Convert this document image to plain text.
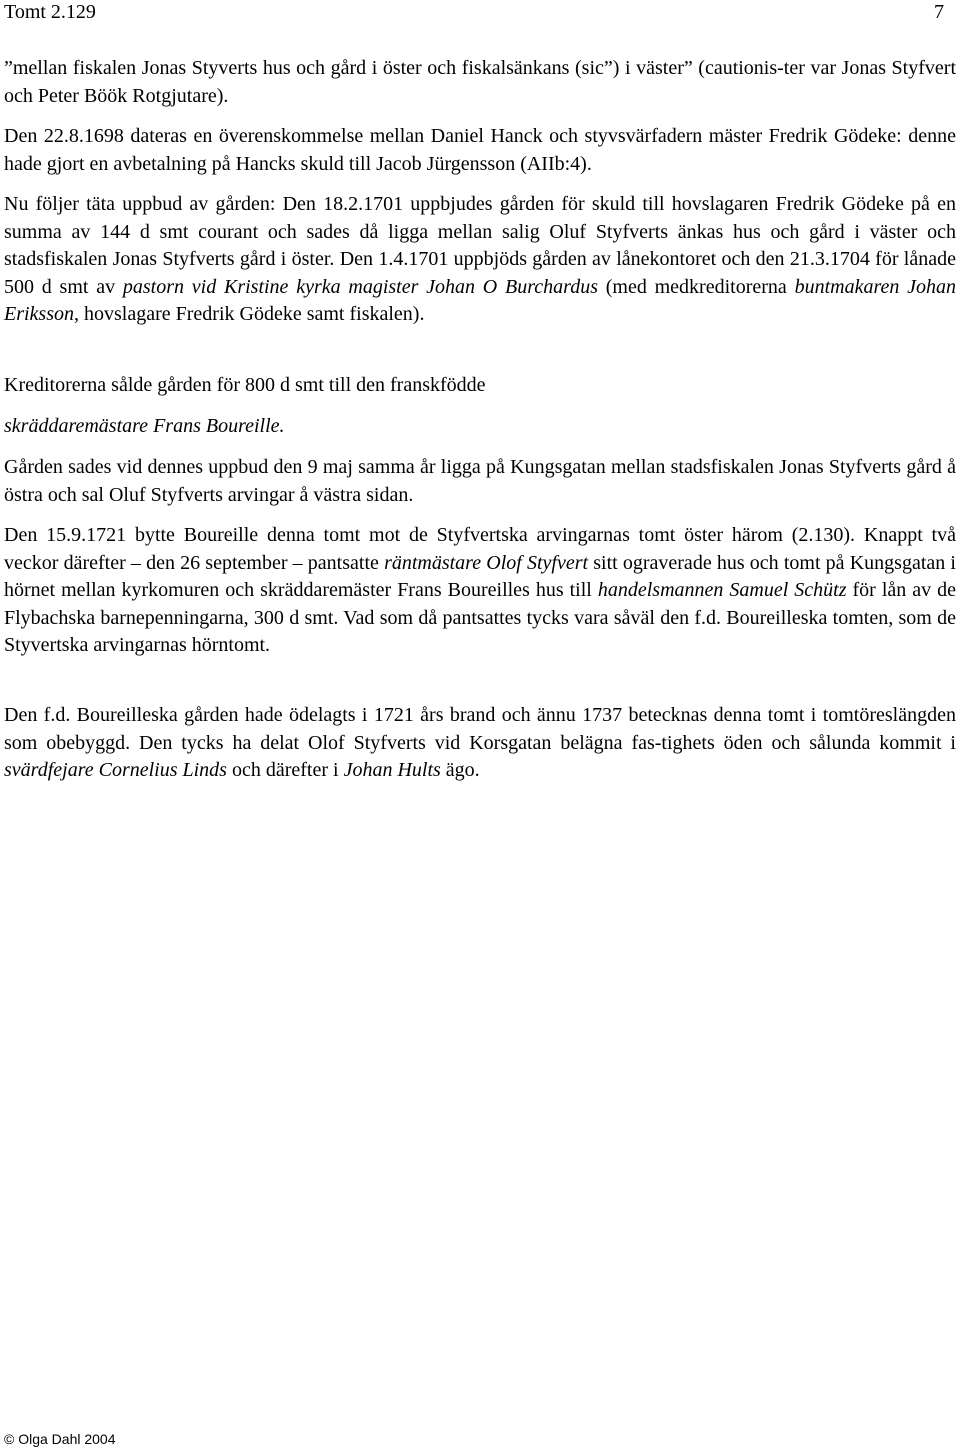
Tomt 2.129	7
”mellan fiskalen Jonas Styverts hus och gård i öster och fiskalsänkans (sic”) i väster” (cautionis-ter var Jonas Styfvert och Peter Böök Rotgjutare).
Den 22.8.1698 dateras en överenskommelse mellan Daniel Hanck och styvsvärfadern mäster Fredrik Gödeke: denne hade gjort en avbetalning på Hancks skuld till Jacob Jürgensson (AIIb:4).
Nu följer täta uppbud av gården: Den 18.2.1701 uppbjudes gården för skuld till hovslagaren Fredrik Gödeke på en summa av 144 d smt courant och sades då ligga mellan salig Oluf Styfverts änkas hus och gård i väster och stadsfiskalen Jonas Styfverts gård i öster. Den 1.4.1701 uppbjöds gården av lånekontoret och den 21.3.1704 för lånade 500 d smt av pastorn vid Kristine kyrka magister Johan O Burchardus (med medkreditorerna buntmakaren Johan Eriksson, hovslagare Fredrik Gödeke samt fiskalen).
Kreditorerna sålde gården för 800 d smt till den franskfödde
skräddaremästare Frans Boureille.
Gården sades vid dennes uppbud den 9 maj samma år ligga på Kungsgatan mellan stadsfiskalen Jonas Styfverts gård å östra och sal Oluf Styfverts arvingar å västra sidan.
Den 15.9.1721 bytte Boureille denna tomt mot de Styfvertska arvingarnas tomt öster härom (2.130). Knappt två veckor därefter – den 26 september – pantsatte räntmästare Olof Styfvert sitt ograverade hus och tomt på Kungsgatan i hörnet mellan kyrkomuren och skräddaremäster Frans Boureilles hus till handelsmannen Samuel Schütz för lån av de Flybachska barnepenningarna, 300 d smt. Vad som då pantsattes tycks vara såväl den f.d. Boureilleska tomten, som de Styvertska arvingarnas hörntomt.
Den f.d. Boureilleska gården hade ödelagts i 1721 års brand och ännu 1737 betecknas denna tomt i tomtöreslängden som obebyggd. Den tycks ha delat Olof Styfverts vid Korsgatan belägna fas-tighets öden och sålunda kommit i svärdfejare Cornelius Linds och därefter i Johan Hults ägo.
© Olga Dahl 2004
